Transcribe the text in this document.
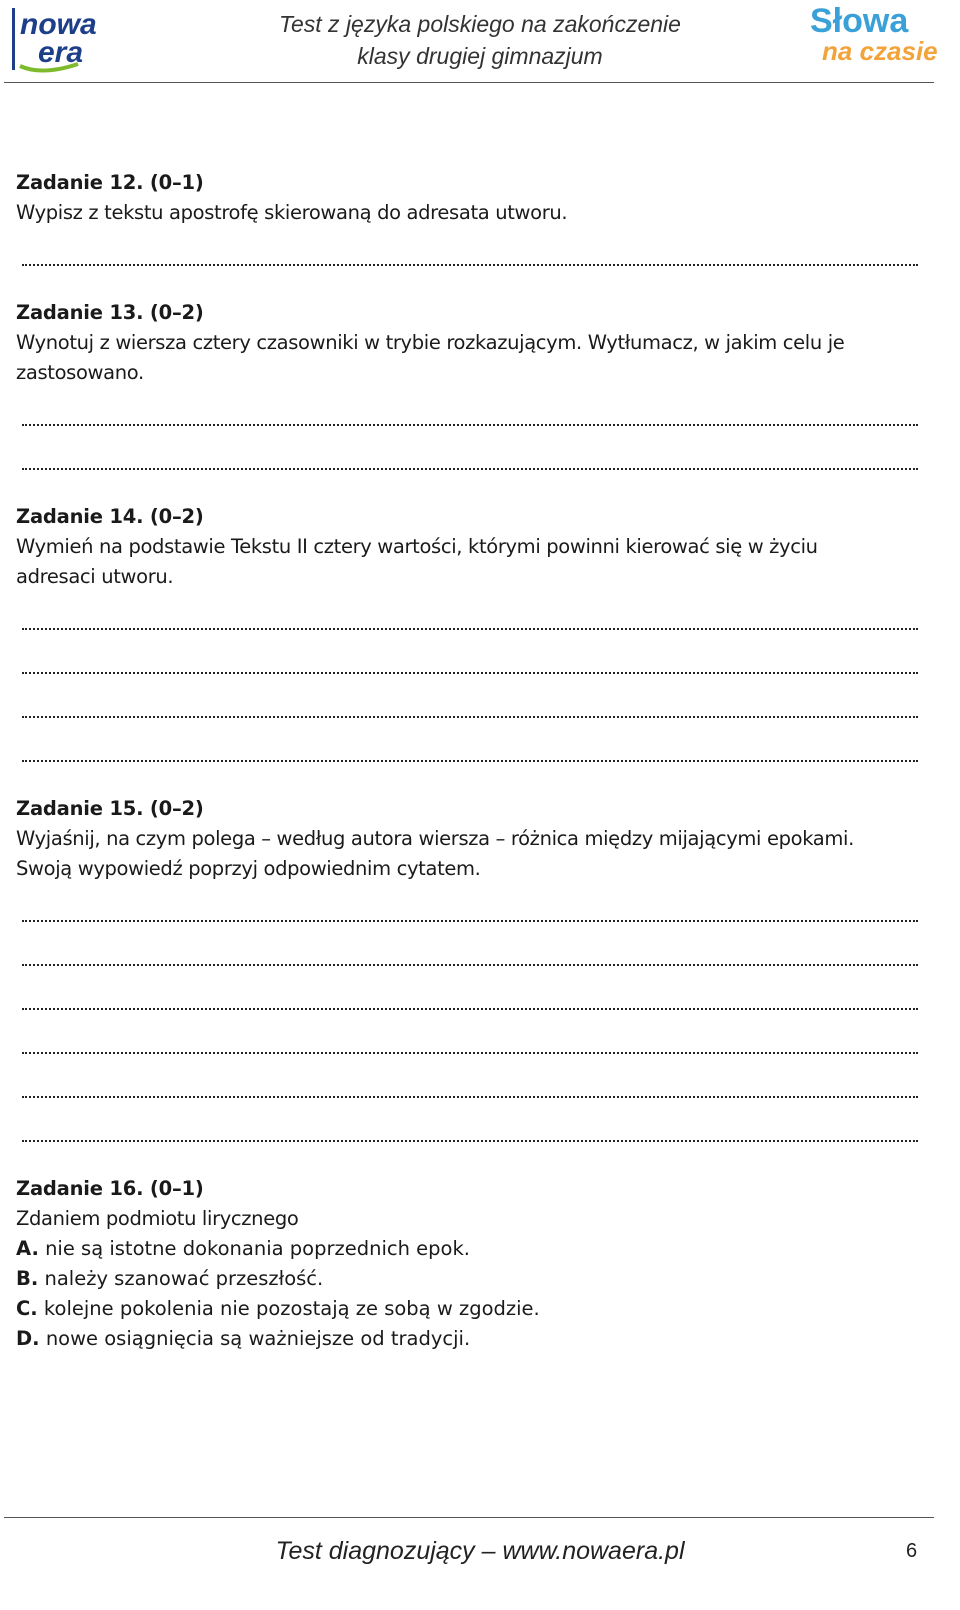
nowa
era
Test z języka polskiego na zakończenie
klasy drugiej gimnazjum
Słowa
na czasie
Zadanie 12. (0–1)
Wypisz z tekstu apostrofę skierowaną do adresata utworu.
Zadanie 13. (0–2)
Wynotuj z wiersza cztery czasowniki w trybie rozkazującym. Wytłumacz, w jakim celu je
zastosowano.
Zadanie 14. (0–2)
Wymień na podstawie Tekstu II cztery wartości, którymi powinni kierować się w życiu
adresaci utworu.
Zadanie 15. (0–2)
Wyjaśnij, na czym polega – według autora wiersza – różnica między mijającymi epokami.
Swoją wypowiedź poprzyj odpowiednim cytatem.
Zadanie 16. (0–1)
Zdaniem podmiotu lirycznego
A. nie są istotne dokonania poprzednich epok.
B. należy szanować przeszłość.
C. kolejne pokolenia nie pozostają ze sobą w zgodzie.
D. nowe osiągnięcia są ważniejsze od tradycji.
Test diagnozujący – www.nowaera.pl	6
